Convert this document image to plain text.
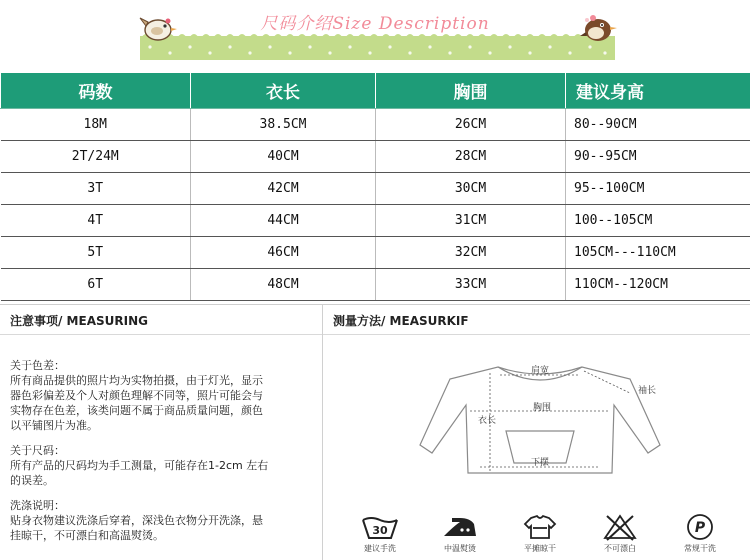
尺码介绍Size Description
码数	衣长	胸围	建议身高
18M	38.5CM	26CM	80--90CM
2T/24M	40CM	28CM	90--95CM
3T	42CM	30CM	95--100CM
4T	44CM	31CM	100--105CM
5T	46CM	32CM	105CM---110CM
6T	48CM	33CM	110CM--120CM
注意事项/ MEASURING	测量方法/ MEASURKIF
关于色差：
所有商品提供的照片均为实物拍摄，由于灯光，显示
器色彩偏差及个人对颜色理解不同等，照片可能会与
实物存在色差，该类问题不属于商品质量问题，颜色
以平铺图片为准。
关于尺码：
所有产品的尺码均为手工测量，可能存在1-2cm 左右
的误差。
洗涤说明：
贴身衣物建议洗涤后穿着，深浅色衣物分开洗涤，悬
挂晾干，不可漂白和高温熨烫。
肩宽
袖长
衣长
胸围
下摆
30
建议手洗	中温熨烫	平摊晾干	不可漂白
P
常规干洗
